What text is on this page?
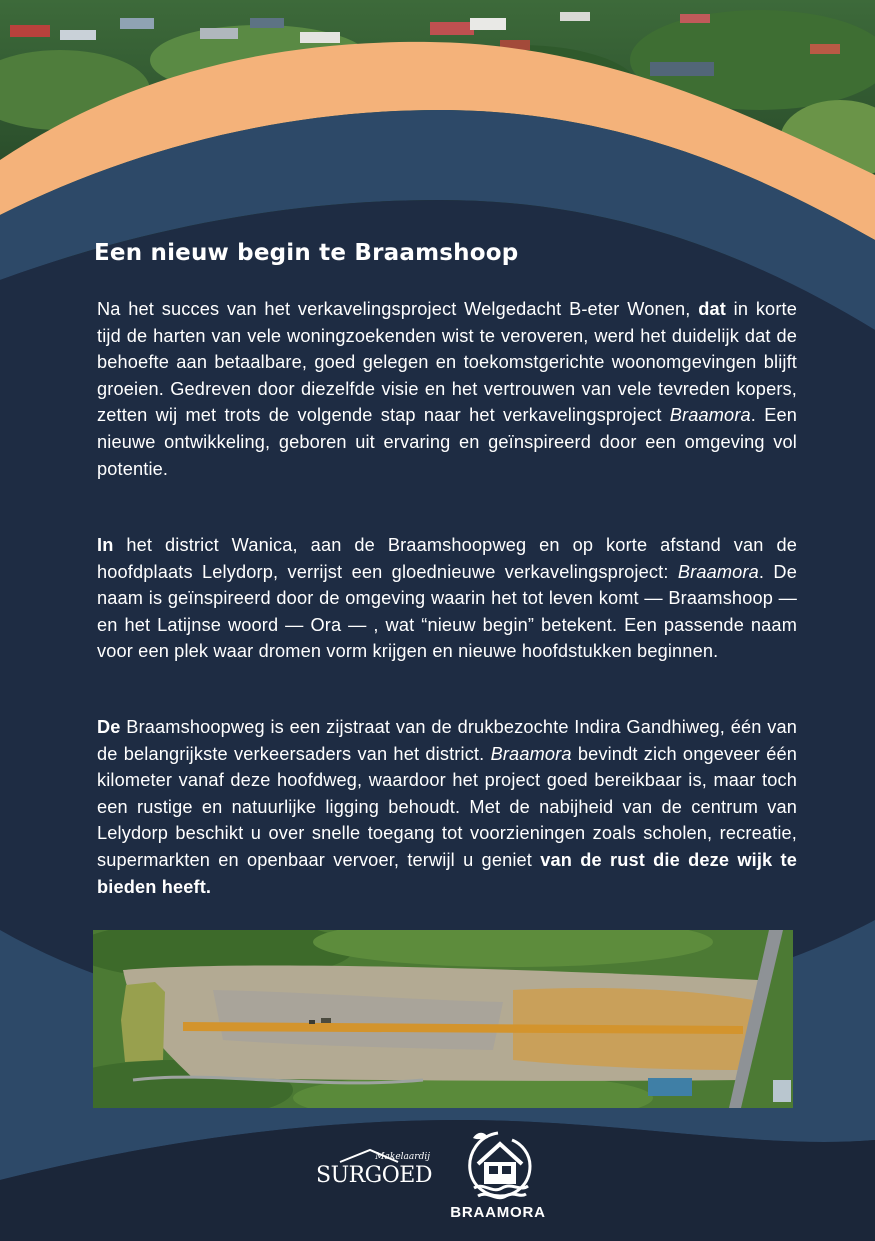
Een nieuw begin te Braamshoop

Na het succes van het verkavelingsproject Welgedacht B-eter Wonen, dat in korte tijd de harten van vele woningzoekenden wist te veroveren, werd het duidelijk dat de behoefte aan betaalbare, goed gelegen en toekomstgerichte woonomgevingen blijft groeien. Gedreven door diezelfde visie en het vertrouwen van vele tevreden kopers, zetten wij met trots de volgende stap naar het verkavelingsproject Braamora. Een nieuwe ontwikkeling, geboren uit ervaring en geïnspireerd door een omgeving vol potentie.

In het district Wanica, aan de Braamshoopweg en op korte afstand van de hoofdplaats Lelydorp, verrijst een gloednieuwe verkavelingsproject: Braamora. De naam is geïnspireerd door de omgeving waarin het tot leven komt — Braamshoop — en het Latijnse woord — Ora — , wat “nieuw begin” betekent. Een passende naam voor een plek waar dromen vorm krijgen en nieuwe hoofdstukken beginnen.

De Braamshoopweg is een zijstraat van de drukbezochte Indira Gandhiweg, één van de belangrijkste verkeersaders van het district. Braamora bevindt zich ongeveer één kilometer vanaf deze hoofdweg, waardoor het project goed bereikbaar is, maar toch een rustige en natuurlijke ligging behoudt. Met de nabijheid van de centrum van Lelydorp beschikt u over snelle toegang tot voorzieningen zoals scholen, recreatie, supermarkten en openbaar vervoer, terwijl u geniet van de rust die deze wijk te bieden heeft.

Makelaardij
SURGOED
BRAAMORA
